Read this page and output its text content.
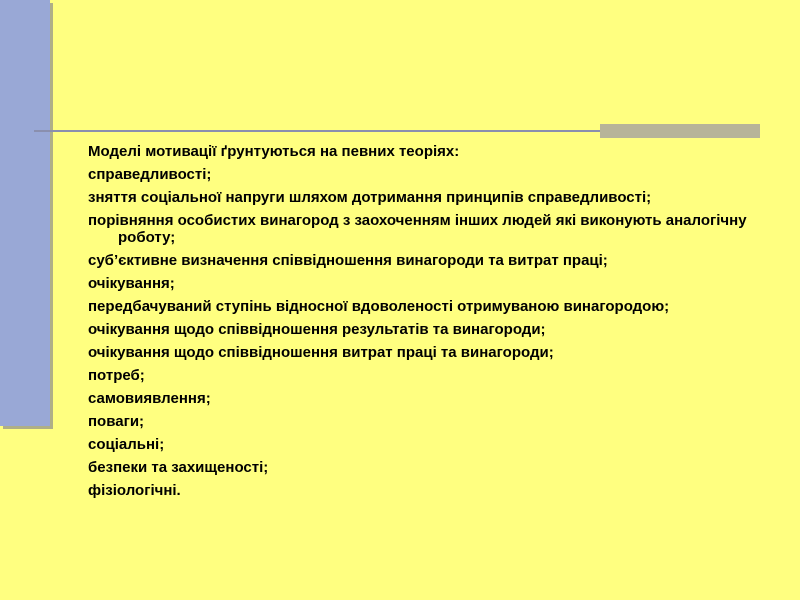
Моделі мотивації ґрунтуються на певних теоріях:
справедливості;
зняття соціальної напруги шляхом дотримання принципів справедливості;
порівняння особистих винагород з заохоченням інших людей які виконують аналогічну роботу;
суб’єктивне визначення співвідношення винагороди та витрат праці;
очікування;
передбачуваний ступінь відносної вдоволеності отримуваною винагородою;
очікування щодо співвідношення результатів та винагороди;
очікування щодо співвідношення витрат праці та винагороди;
потреб;
самовиявлення;
поваги;
соціальні;
безпеки та захищеності;
фізіологічні.
